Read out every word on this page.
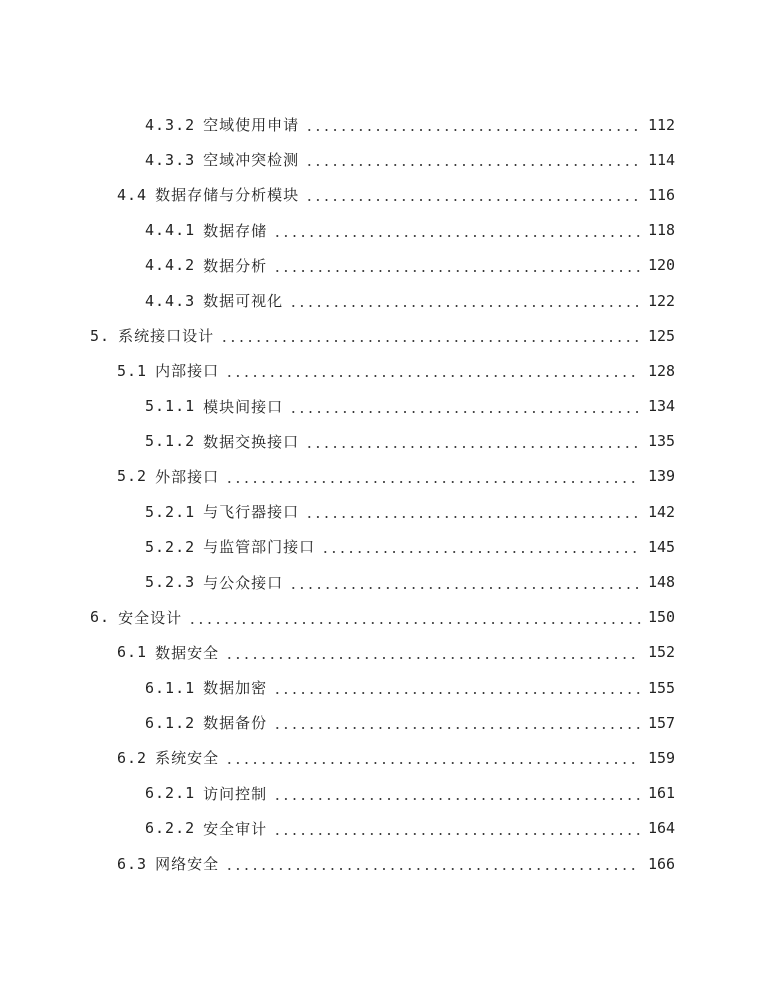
4.3.2 空域使用申请	112
4.3.3 空域冲突检测	114
4.4 数据存储与分析模块	116
4.4.1 数据存储	118
4.4.2 数据分析	120
4.4.3 数据可视化	122
5. 系统接口设计	125
5.1 内部接口	128
5.1.1 模块间接口	134
5.1.2 数据交换接口	135
5.2 外部接口	139
5.2.1 与飞行器接口	142
5.2.2 与监管部门接口	145
5.2.3 与公众接口	148
6. 安全设计	150
6.1 数据安全	152
6.1.1 数据加密	155
6.1.2 数据备份	157
6.2 系统安全	159
6.2.1 访问控制	161
6.2.2 安全审计	164
6.3 网络安全	166
